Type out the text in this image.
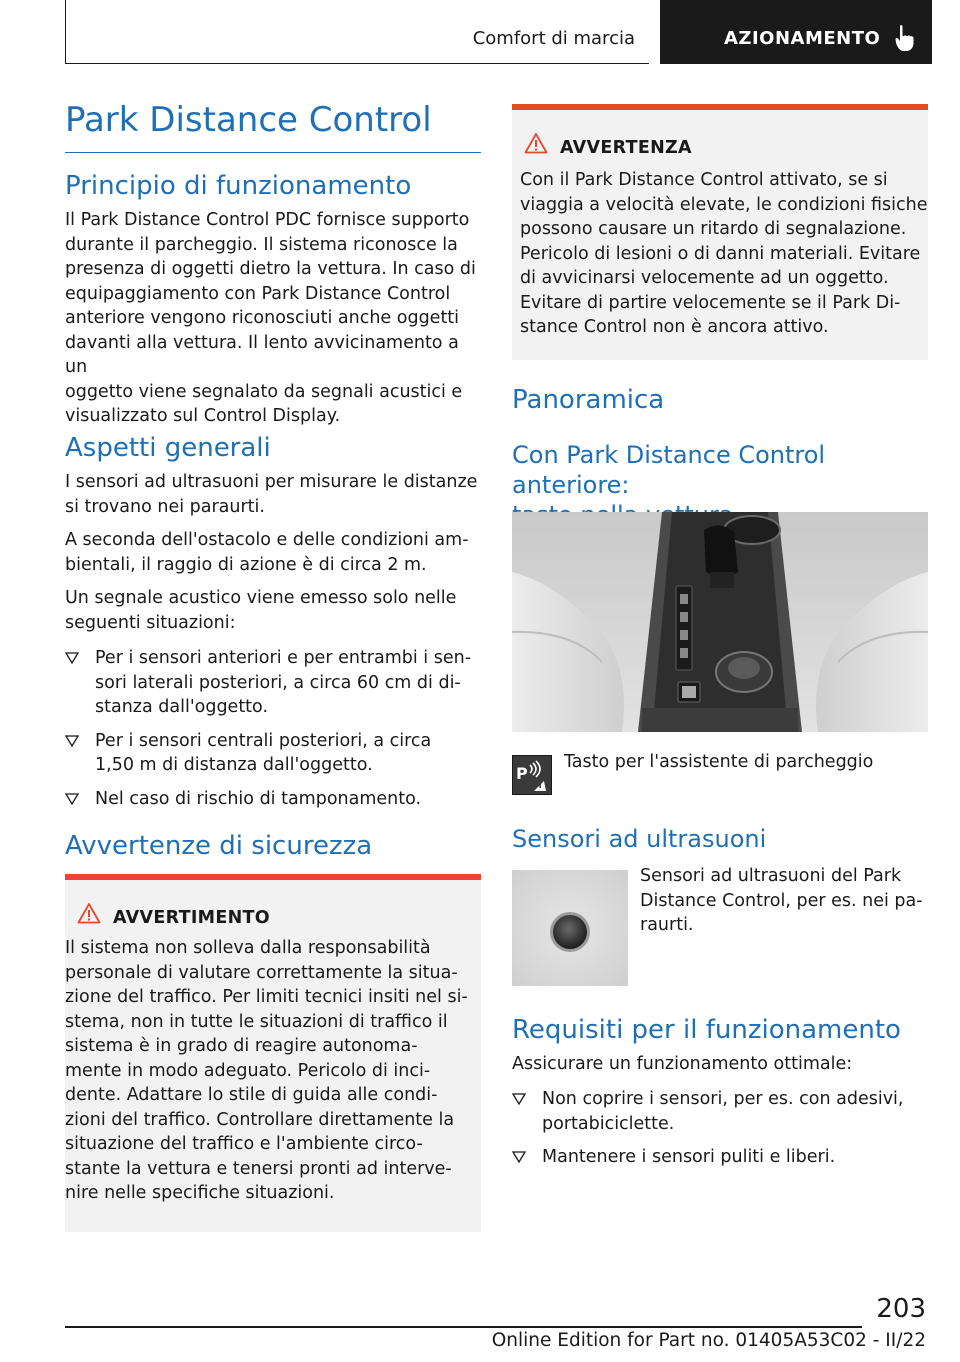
Comfort di marcia	AZIONAMENTO
Park Distance Control
Principio di funzionamento

Il Park Distance Control PDC fornisce supporto

durante il parcheggio. Il sistema riconosce la

presenza di oggetti dietro la vettura. In caso di

equipaggiamento con Park Distance Control

anteriore vengono riconosciuti anche oggetti

davanti alla vettura. Il lento avvicinamento a un

oggetto viene segnalato da segnali acustici e

visualizzato sul Control Display.

Aspetti generali

I sensori ad ultrasuoni per misurare le distanze

si trovano nei paraurti.

A seconda dell'ostacolo e delle condizioni am-

bientali, il raggio di azione è di circa 2 m.

Un segnale acustico viene emesso solo nelle

seguenti situazioni:

Per i sensori anteriori e per entrambi i sen-
sori laterali posteriori, a circa 60 cm di di-
stanza dall'oggetto.
Per i sensori centrali posteriori, a circa
1,50 m di distanza dall'oggetto.
Nel caso di rischio di tamponamento.
Avvertenze di sicurezza
AVVERTIMENTO

Il sistema non solleva dalla responsabilità

personale di valutare correttamente la situa-

zione del traffico. Per limiti tecnici insiti nel si-

stema, non in tutte le situazioni di traffico il

sistema è in grado di reagire autonoma-

mente in modo adeguato. Pericolo di inci-

dente. Adattare lo stile di guida alle condi-

zioni del traffico. Controllare direttamente la

situazione del traffico e l'ambiente circo-

stante la vettura e tenersi pronti ad interve-

nire nelle specifiche situazioni.

AVVERTENZA

Con il Park Distance Control attivato, se si

viaggia a velocità elevate, le condizioni fisiche

possono causare un ritardo di segnalazione.

Pericolo di lesioni o di danni materiali. Evitare

di avvicinarsi velocemente ad un oggetto.

Evitare di partire velocemente se il Park Di-

stance Control non è ancora attivo.

Panoramica
Con Park Distance Control anteriore:
P

Tasto per l'assistente di parcheggio

Sensori ad ultrasuoni

Sensori ad ultrasuoni del Park

Distance Control, per es. nei pa-

raurti.

Requisiti per il funzionamento

Assicurare un funzionamento ottimale:

Non coprire i sensori, per es. con adesivi,
portabiciclette.
Mantenere i sensori puliti e liberi.
203
Online Edition for Part no. 01405A53C02 - II/22
